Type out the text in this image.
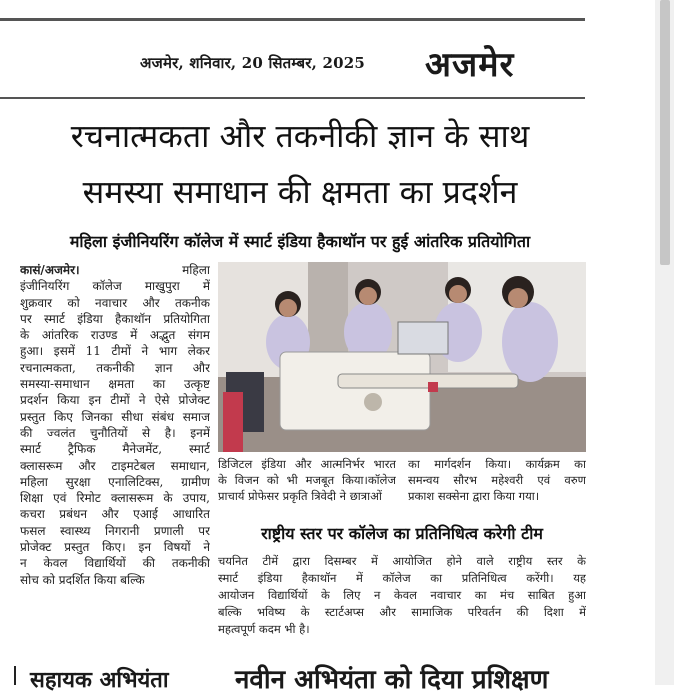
अजमेर, शनिवार, 20 सितम्बर, 2025 अजमेर
रचनात्मकता और तकनीकी ज्ञान के साथ
समस्या समाधान की क्षमता का प्रदर्शन
महिला इंजीनियरिंग कॉलेज में स्मार्ट इंडिया हैकाथॉन पर हुई आंतरिक प्रतियोगिता
कासं/अजमेर।	महिला
इंजीनियरिंग कॉलेज माखुपुरा में
शुक्रवार को नवाचार और तकनीक
पर स्मार्ट इंडिया हैकाथॉन प्रतियोगिता
के आंतरिक राउण्ड में अद्भुत संगम
हुआ। इसमें 11 टीमों ने भाग लेकर
रचनात्मकता, तकनीकी ज्ञान और
समस्या-समाधान क्षमता का उत्कृष्ट
प्रदर्शन किया इन टीमों ने ऐसे प्रोजेक्ट
प्रस्तुत किए जिनका सीधा संबंध समाज
की ज्वलंत चुनौतियों से है। इनमें
स्मार्ट ट्रैफिक मैनेजमेंट, स्मार्ट
क्लासरूम और टाइमटेबल समाधान,
महिला सुरक्षा एनालिटिक्स, ग्रामीण
शिक्षा एवं रिमोट क्लासरूम के उपाय,
कचरा प्रबंधन और एआई आधारित
फसल स्वास्थ्य निगरानी प्रणाली पर
प्रोजेक्ट प्रस्तुत किए। इन विषयों ने
न केवल विद्यार्थियों की तकनीकी
सोच को प्रदर्शित किया बल्कि
डिजिटल इंडिया और आत्मनिर्भर भारत
के विजन को भी मजबूत किया।कॉलेज
प्राचार्य प्रोफेसर प्रकृति त्रिवेदी ने छात्राओं
का मार्गदर्शन किया। कार्यक्रम का
समन्वय सौरभ महेश्वरी एवं वरुण
प्रकाश सक्सेना द्वारा किया गया।
राष्ट्रीय स्तर पर कॉलेज का प्रतिनिधित्व करेगी टीम
चयनित टीमें द्वारा दिसम्बर में आयोजित होने वाले राष्ट्रीय स्तर के
स्मार्ट इंडिया हैकाथॉन में कॉलेज का प्रतिनिधित्व करेंगी। यह
आयोजन विद्यार्थियों के लिए न केवल नवाचार का मंच साबित हुआ
बल्कि भविष्य के स्टार्टअप्स और सामाजिक परिवर्तन की दिशा में
महत्वपूर्ण कदम भी है।
सहायक अभियंता	नवीन अभियंता को दिया प्रशिक्षण
